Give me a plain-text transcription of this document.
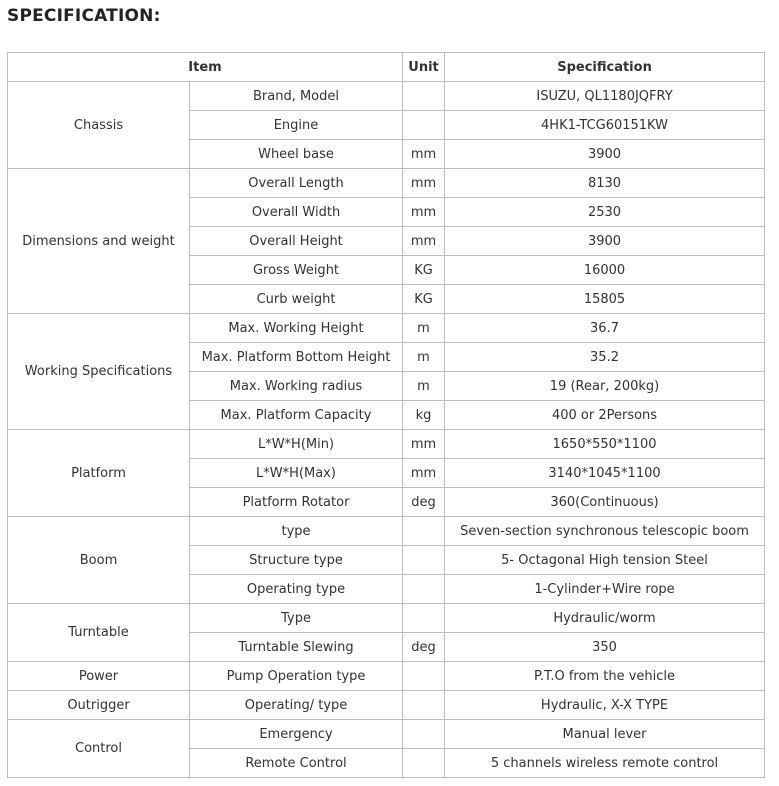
SPECIFICATION:
Item		Unit	Specification
Chassis	Brand, Model		ISUZU, QL1180JQFRY
	Engine		4HK1-TCG60151KW
	Wheel base	mm	3900
Dimensions and weight	Overall Length	mm	8130
	Overall Width	mm	2530
	Overall Height	mm	3900
	Gross Weight	KG	16000
	Curb weight	KG	15805
Working Specifications	Max. Working Height	m	36.7
	Max. Platform Bottom Height	m	35.2
	Max. Working radius	m	19 (Rear, 200kg)
	Max. Platform Capacity	kg	400 or 2Persons
Platform	L*W*H(Min)	mm	1650*550*1100
	L*W*H(Max)	mm	3140*1045*1100
	Platform Rotator	deg	360(Continuous)
Boom	type		Seven-section synchronous telescopic boom
	Structure type		5- Octagonal High tension Steel
	Operating type		1-Cylinder+Wire rope
Turntable	Type		Hydraulic/worm
	Turntable Slewing	deg	350
Power	Pump Operation type		P.T.O from the vehicle
Outrigger	Operating/ type		Hydraulic, X-X TYPE
Control	Emergency		Manual lever
	Remote Control		5 channels wireless remote control
